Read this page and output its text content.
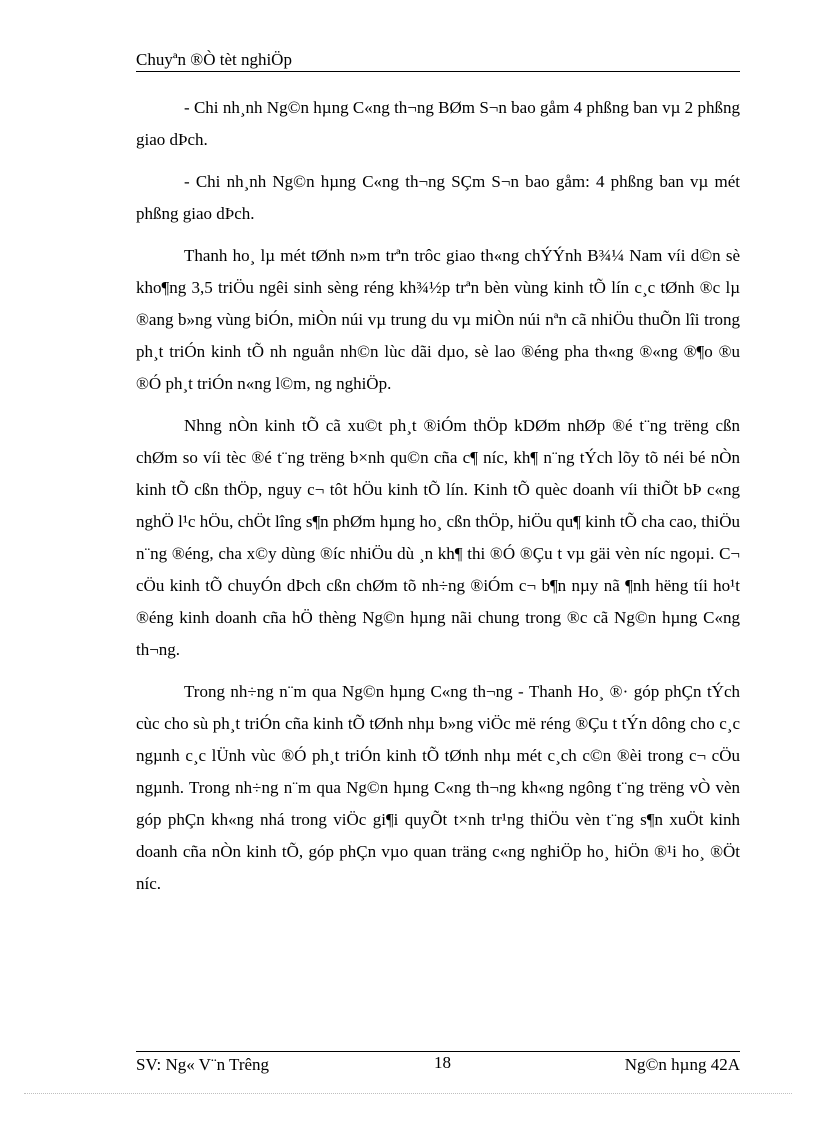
Chuyªn ®Ò tèt nghiÖp

- Chi nh¸nh Ng©n hµng C«ng th¬ng BØm S¬n bao gåm 4 phßng ban vµ 2 phßng giao dÞch.

- Chi nh¸nh Ng©n hµng C«ng th¬ng SÇm S¬n bao gåm: 4 phßng ban vµ mét phßng giao dÞch.

Thanh ho¸ lµ mét tØnh n»m trªn trôc giao th«ng chÝÝnh B¾¼ Nam víi d©n sè kho¶ng 3,5 triÖu ngêi sinh sèng réng kh¾½p trªn bèn vùng kinh tÕ lín c¸c tØnh ®c lµ ®ang b»ng vùng biÓn, miÒn núi vµ trung du vµ miÒn núi nªn cã nhiÖu thuÕn lîi trong ph¸t triÓn kinh tÕ nh nguån nh©n lùc dãi dµo, sè lao ®éng pha th«ng ®«ng ®¶o ®u ®Ó ph¸t triÓn n«ng l©m, ng nghiÖp.

Nhng nÒn kinh tÕ cã xu©t ph¸t ®iÓm thÖp kDØm nhØp ®é t¨ng trëng cßn chØm so víi tèc ®é t¨ng trëng b×nh qu©n cña c¶ níc, kh¶ n¨ng tÝch lõy tõ néi bé nÒn kinh tÕ cßn thÖp, nguy c¬ tôt hÖu kinh tÕ lín. Kinh tÕ quèc doanh víi thiÕt bÞ c«ng nghÖ l¹c hÖu, chÖt lîng s¶n phØm hµng ho¸ cßn thÖp, hiÖu qu¶ kinh tÕ cha cao, thiÖu n¨ng ®éng, cha x©y dùng ®íc nhiÖu dù ¸n kh¶ thi ®Ó ®Çu t vµ gäi vèn níc ngoµi. C¬ cÖu kinh tÕ chuyÓn dÞch cßn chØm tõ nh÷ng ®iÓm c¬ b¶n nµy nã ¶nh hëng tíi ho¹t ®éng kinh doanh cña hÖ thèng Ng©n hµng nãi chung trong ®c cã Ng©n hµng C«ng th¬ng.

Trong nh÷ng n¨m qua Ng©n hµng C«ng th¬ng - Thanh Ho¸ ®· góp phÇn tÝch cùc cho sù ph¸t triÓn cña kinh tÕ tØnh nhµ b»ng viÖc më réng ®Çu t tÝn dông cho c¸c ngµnh c¸c lÜnh vùc ®Ó ph¸t triÓn kinh tÕ tØnh nhµ mét c¸ch c©n ®èi trong c¬ cÖu ngµnh. Trong nh÷ng n¨m qua Ng©n hµng C«ng th¬ng kh«ng ngông t¨ng trëng vÒ vèn góp phÇn kh«ng nhá trong viÖc gi¶i quyÕt t×nh tr¹ng thiÖu vèn t¨ng s¶n xuÖt kinh doanh cña nÒn kinh tÕ, góp phÇn vµo quan träng c«ng nghiÖp ho¸ hiÖn ®¹i ho¸ ®Öt níc.

SV: Ng« V¨n Trêng	18	Ng©n hµng 42A
